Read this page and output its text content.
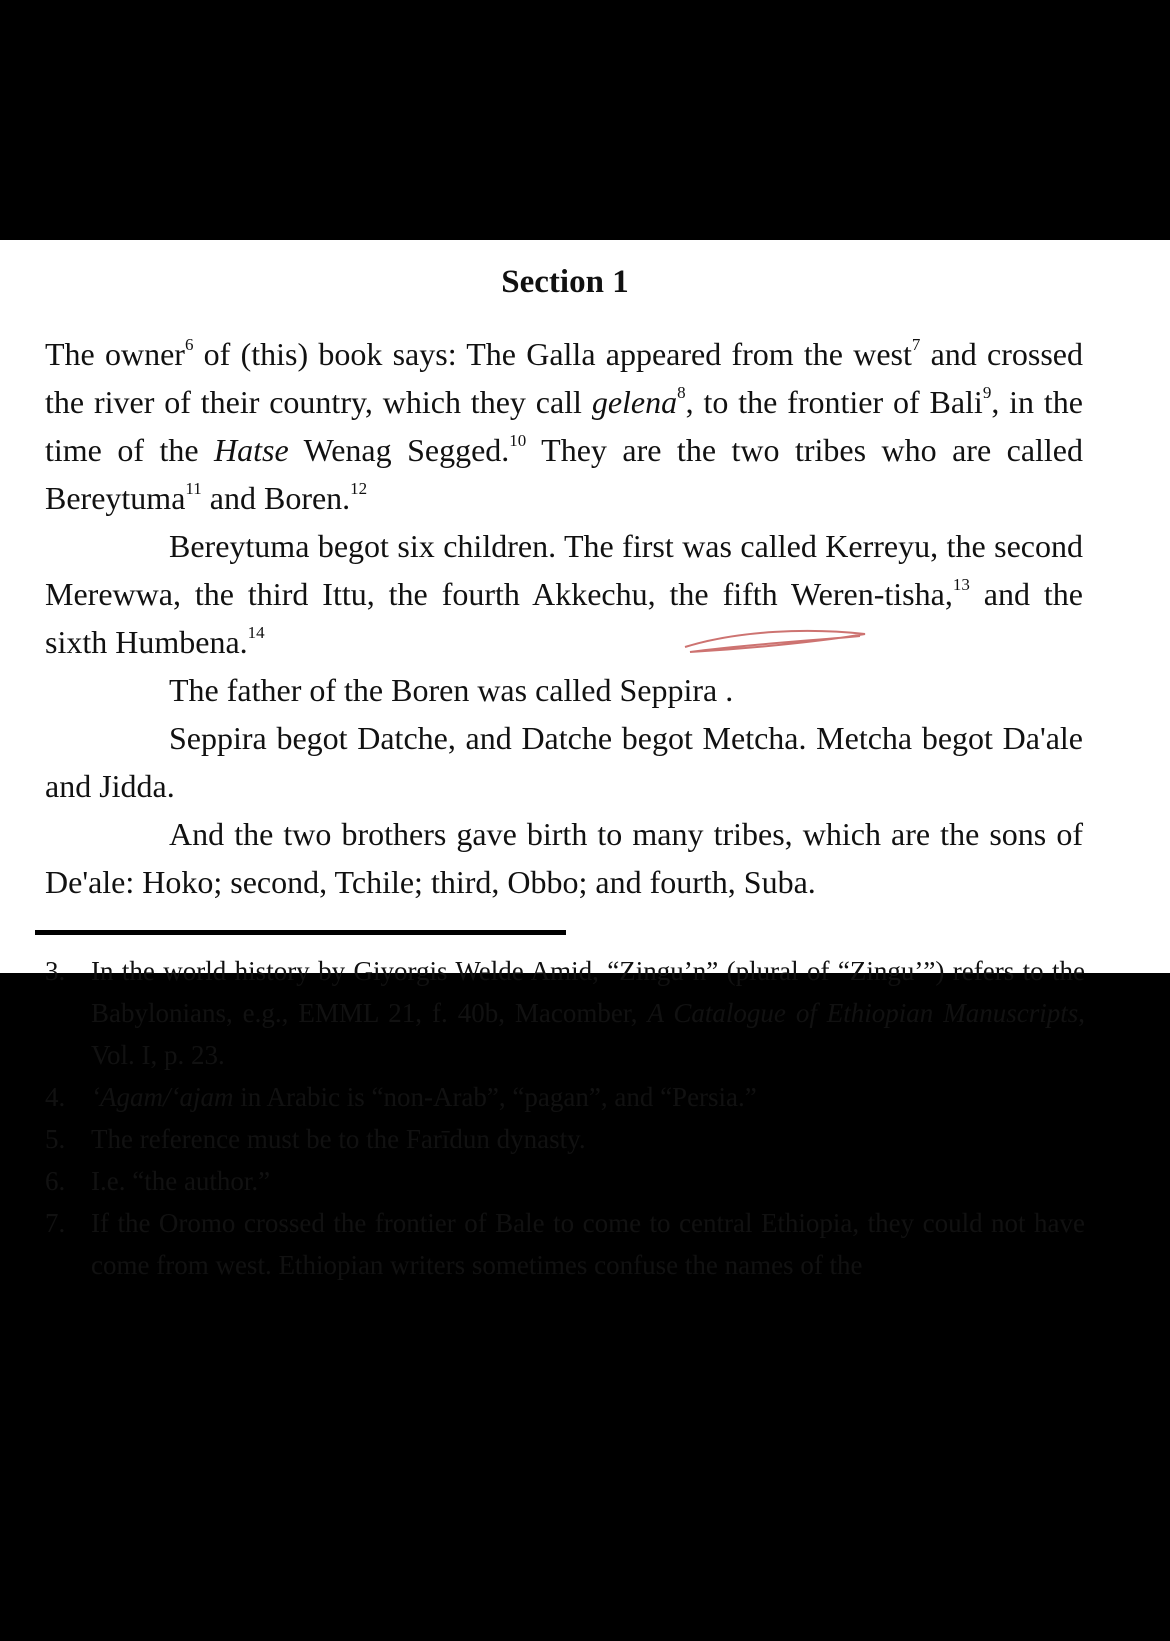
Section 1

The owner$^6$ of (this) book says: The Galla appeared from the west$^7$ and crossed the river of their country, which they call gelena$^8$, to the frontier of Bali$^9$, in the time of the Hatse Wenag Segged.$^{10}$ They are the two tribes who are called Bereytuma$^{11}$ and Boren.$^{12}$

Bereytuma begot six children. The first was called Kerreyu, the second Merewwa, the third Ittu, the fourth Akkechu, the fifth Weren-tisha,$^{13}$ and the sixth Humbena.$^{14}$

The father of the Boren was called Seppira .

Seppira begot Datche, and Datche begot Metcha. Metcha begot Da'ale and Jidda.

And the two brothers gave birth to many tribes, which are the sons of De'ale: Hoko; second, Tchile; third, Obbo; and fourth, Suba.

3. In the world history by Giyorgis Welde Amid, “Zingu’n” (plural of “Zingu’”) refers to the Babylonians, e.g., EMML 21, f. 40b, Macomber, A Catalogue of Ethiopian Manuscripts, Vol. I, p. 23.

4. ‘Agam/‘ajam in Arabic is “non-Arab”, “pagan”, and “Persia.”

5. The reference must be to the Farīdun dynasty.

6. I.e. “the author.”

7. If the Oromo crossed the frontier of Bale to come to central Ethiopia, they could not have come from west. Ethiopian writers sometimes confuse the names of the
